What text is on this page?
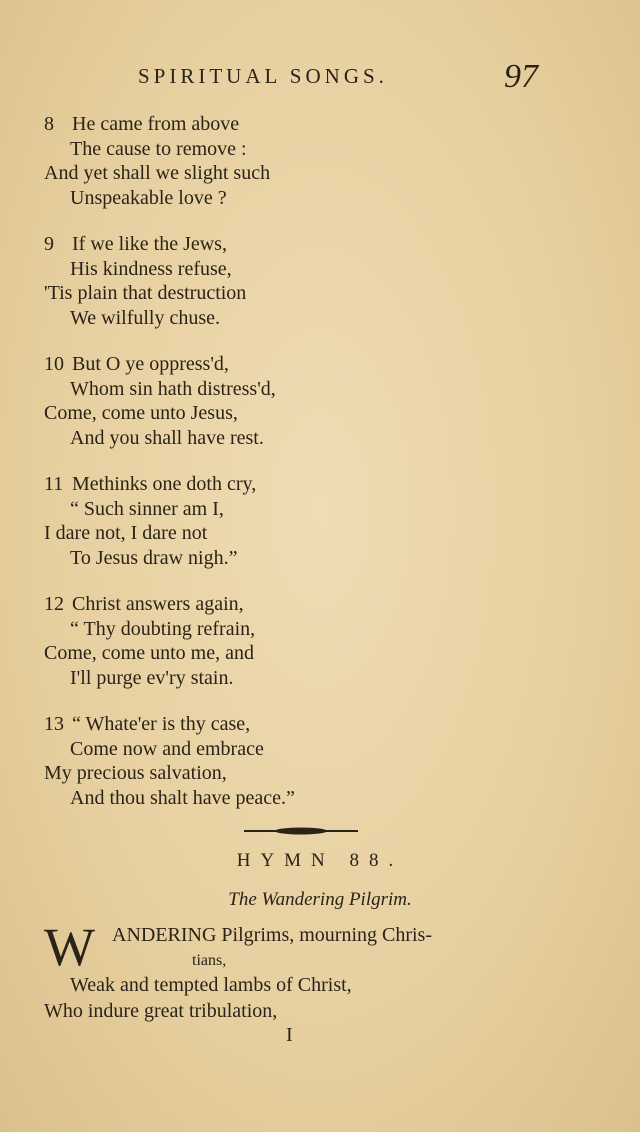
SPIRITUAL SONGS.	97
8 He came from above
The cause to remove :
And yet shall we slight such
Unspeakable love ?
9 If we like the Jews,
His kindness refuse,
'Tis plain that destruction
We wilfully chuse.
10 But O ye oppress'd,
Whom sin hath distress'd,
Come, come unto Jesus,
And you shall have rest.
11 Methinks one doth cry,
“ Such sinner am I,
I dare not, I dare not
To Jesus draw nigh.”
12 Christ answers again,
“ Thy doubting refrain,
Come, come unto me, and
I'll purge ev'ry stain.
13 “ Whate'er is thy case,
Come now and embrace
My precious salvation,
And thou shalt have peace.”
HYMN 88.
The Wandering Pilgrim.
W ANDERING Pilgrims, mourning Chris-
tians,
Weak and tempted lambs of Christ,
Who indure great tribulation,
I
